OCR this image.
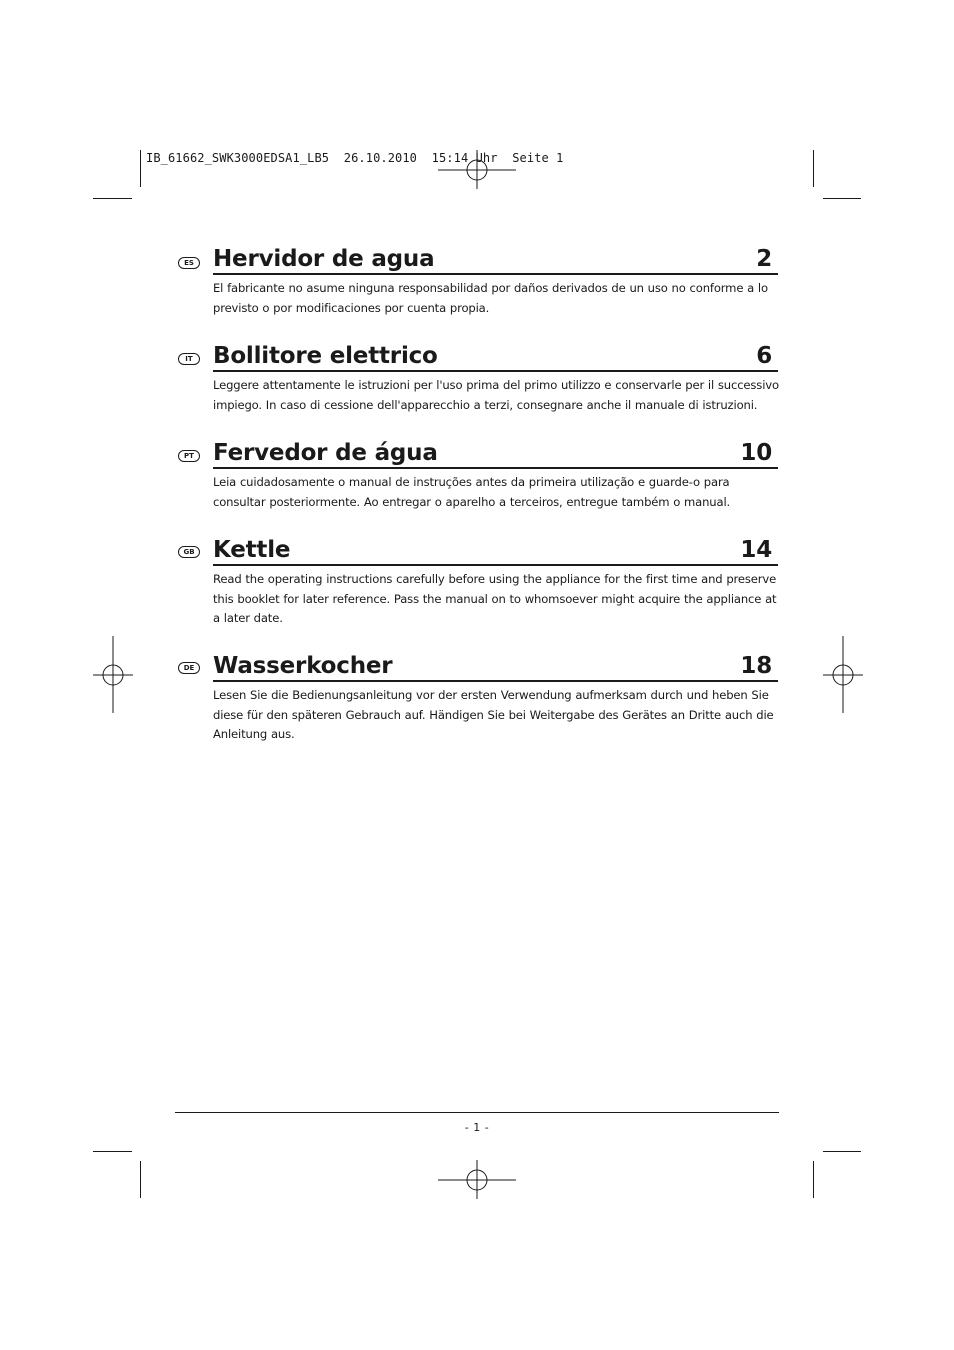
IB_61662_SWK3000EDSA1_LB5  26.10.2010  15:14 Uhr  Seite 1
ES Hervidor de agua	2
El fabricante no asume ninguna responsabilidad por daños derivados de un uso no conforme a lo previsto o por modificaciones por cuenta propia.
IT Bollitore elettrico	6
Leggere attentamente le istruzioni per l'uso prima del primo utilizzo e conservarle per il successivo impiego. In caso di cessione dell'apparecchio a terzi, consegnare anche il manuale di istruzioni.
PT Fervedor de água	10
Leia cuidadosamente o manual de instruções antes da primeira utilização e guarde-o para consultar posteriormente. Ao entregar o aparelho a terceiros, entregue também o manual.
GB Kettle	14
Read the operating instructions carefully before using the appliance for the first time and preserve this booklet for later reference. Pass the manual on to whomsoever might acquire the appliance at a later date.
DE Wasserkocher	18
Lesen Sie die Bedienungsanleitung vor der ersten Verwendung aufmerksam durch und heben Sie diese für den späteren Gebrauch auf. Händigen Sie bei Weitergabe des Gerätes an Dritte auch die Anleitung aus.
- 1 -
